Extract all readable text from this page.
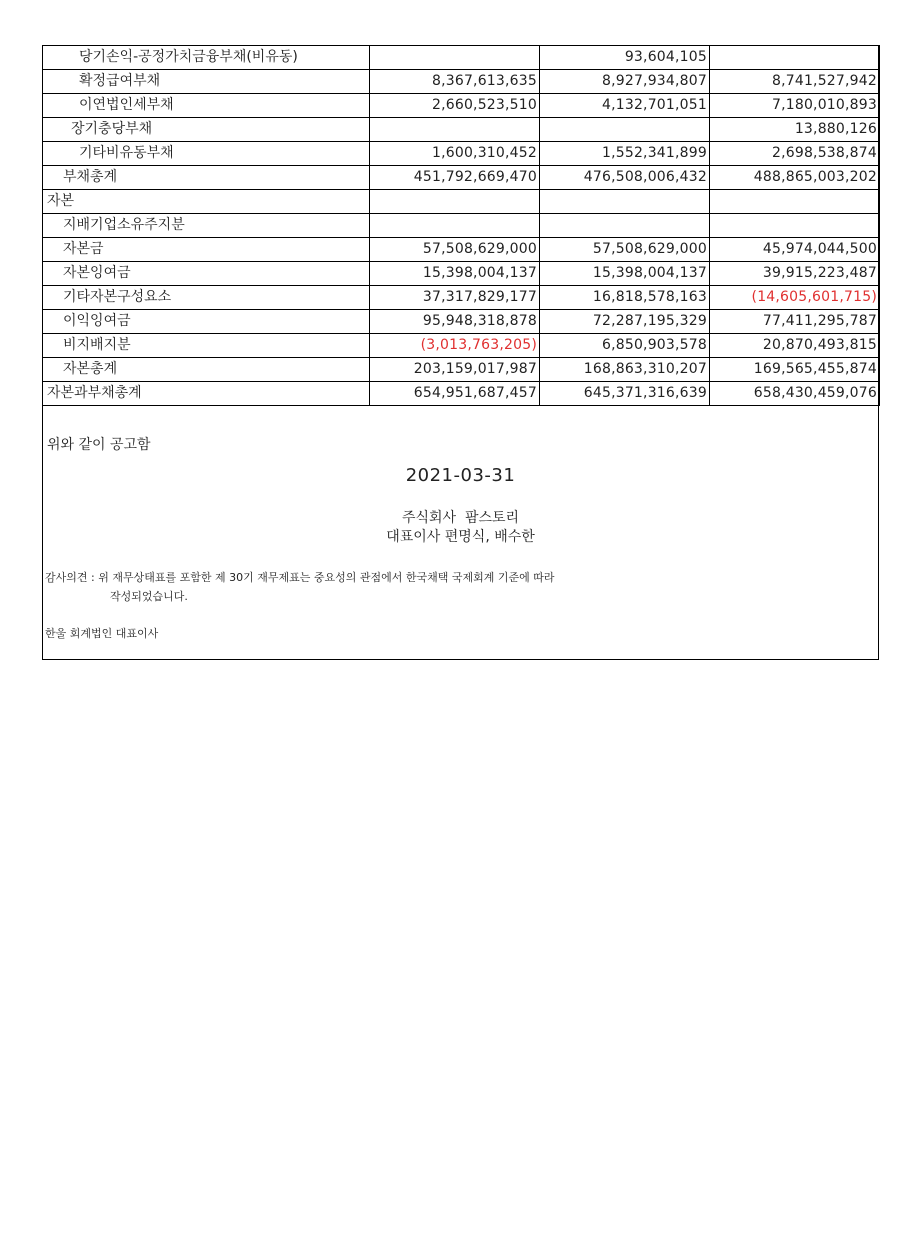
당기손익-공정가치금융부채(비유동)		93,604,105	
확정급여부채	8,367,613,635	8,927,934,807	8,741,527,942
이연법인세부채	2,660,523,510	4,132,701,051	7,180,010,893
장기충당부채			13,880,126
기타비유동부채	1,600,310,452	1,552,341,899	2,698,538,874
부채총계	451,792,669,470	476,508,006,432	488,865,003,202
자본			
지배기업소유주지분			
자본금	57,508,629,000	57,508,629,000	45,974,044,500
자본잉여금	15,398,004,137	15,398,004,137	39,915,223,487
기타자본구성요소	37,317,829,177	16,818,578,163	(14,605,601,715)
이익잉여금	95,948,318,878	72,287,195,329	77,411,295,787
비지배지분	(3,013,763,205)	6,850,903,578	20,870,493,815
자본총계	203,159,017,987	168,863,310,207	169,565,455,874
자본과부채총계	654,951,687,457	645,371,316,639	658,430,459,076
위와 같이 공고함
2021-03-31
주식회사  팜스토리
대표이사 편명식, 배수한
감사의견 : 위 재무상태표를 포함한 제 30기 재무제표는 중요성의 관점에서 한국채택 국제회계 기준에 따라
작성되었습니다.
한울 회계법인 대표이사
